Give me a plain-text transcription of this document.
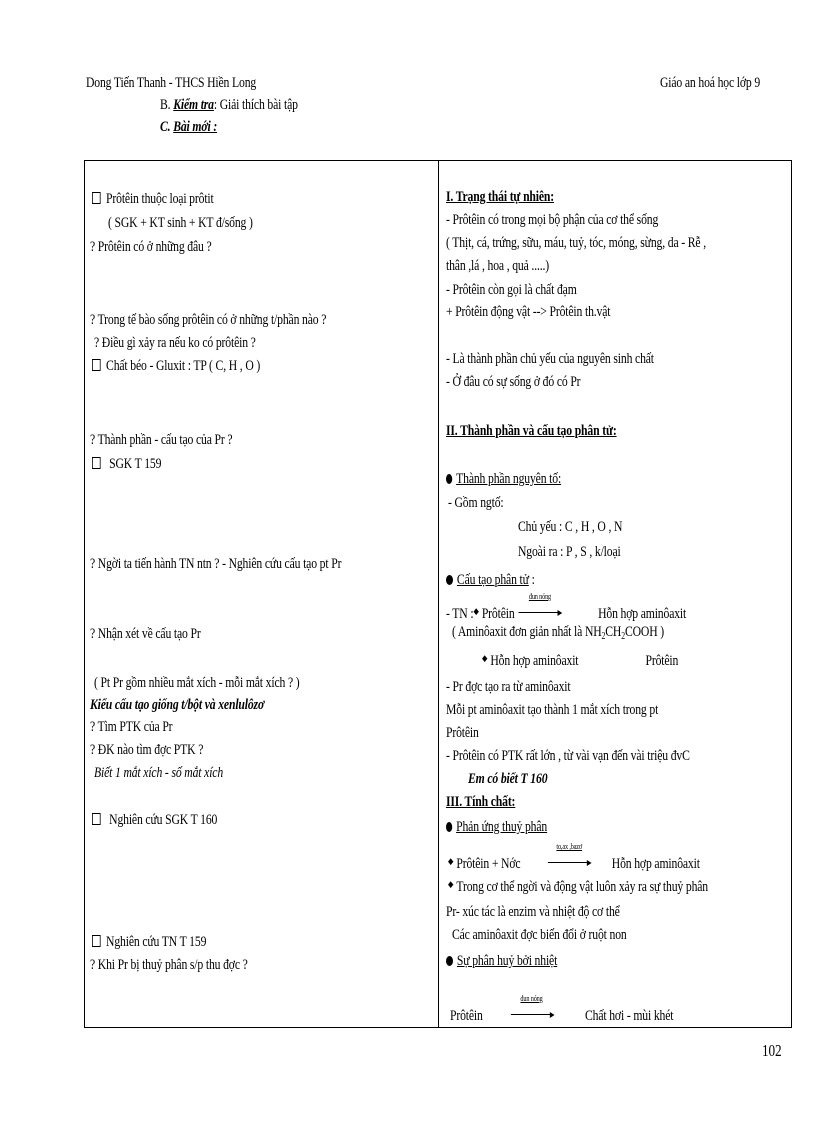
Dong Tiến Thanh - THCS Hiền Long	Giáo an hoá học lớp 9
B. Kiểm tra: Giải thích bài tập
C. Bài mới :
Prôtêin thuộc loại prôtit
( SGK + KT sinh + KT đ/sống )
? Prôtêin có ở những đâu ?
? Trong tế bào sống prôtêin có ở những t/phần nào ?
? Điều gì xảy ra nếu ko có prôtêin ?
Chất béo - Gluxit : TP ( C, H , O )
? Thành phần - cấu tạo của Pr ?
SGK T 159
? Ngời ta tiến hành TN ntn ? - Nghiên cứu cấu tạo pt Pr
? Nhận xét về cấu tạo Pr
( Pt Pr gồm nhiều mắt xích - mỗi mắt xích ? )
Kiểu cấu tạo giống t/bột và xenlulôzơ
? Tìm PTK của Pr
? ĐK nào tìm đợc PTK ?
Biết 1 mắt xích - số mắt xích
Nghiên cứu SGK T 160
Nghiên cứu TN T 159
? Khi Pr bị thuỷ phân s/p thu đợc ?
I. Trạng thái tự nhiên:
- Prôtêin có trong mọi bộ phận của cơ thể sống
( Thịt, cá, trứng, sữu, máu, tuỷ, tóc, móng, sừng, da - Rễ ,
thân ,lá , hoa , quả .....)
- Prôtêin còn gọi là chất đạm
+ Prôtêin động vật --> Prôtêin th.vật
- Là thành phần chủ yếu của nguyên sinh chất
- Ở đâu có sự sống ở đó có Pr
II. Thành phần và cấu tạo phân tử:
Thành phần nguyên tố:
- Gồm ngtố:
Chủ yếu : C , H , O , N
Ngoài ra : P , S , k/loại
Cấu tạo phân tử :
- TN :◆ Prôtêin
đun nóng
Hỗn hợp aminôaxit
( Aminôaxit đơn giản nhất là $NH_2CH_2COOH$ )
◆ Hỗn hợp aminôaxit	Prôtêin
- Pr đợc tạo ra từ aminôaxit
Mỗi pt aminôaxit tạo thành 1 mắt xích trong pt
Prôtêin
- Prôtêin có PTK rất lớn , từ vài vạn đến vài triệu đvC
Em có biết T 160
III. Tính chất:
Phản ứng thuỷ phân
◆ Prôtêin + Nớc
to,ax ,bazơ
Hỗn hợp aminôaxit
◆ Trong cơ thể ngời và động vật luôn xảy ra sự thuỷ phân
Pr- xúc tác là enzim và nhiệt độ cơ thể
Các aminôaxit đợc biến đổi ở ruột non
Sự phân huỷ bởi nhiệt
Prôtêin
đun nóng
Chất hơi - mùi khét
102
